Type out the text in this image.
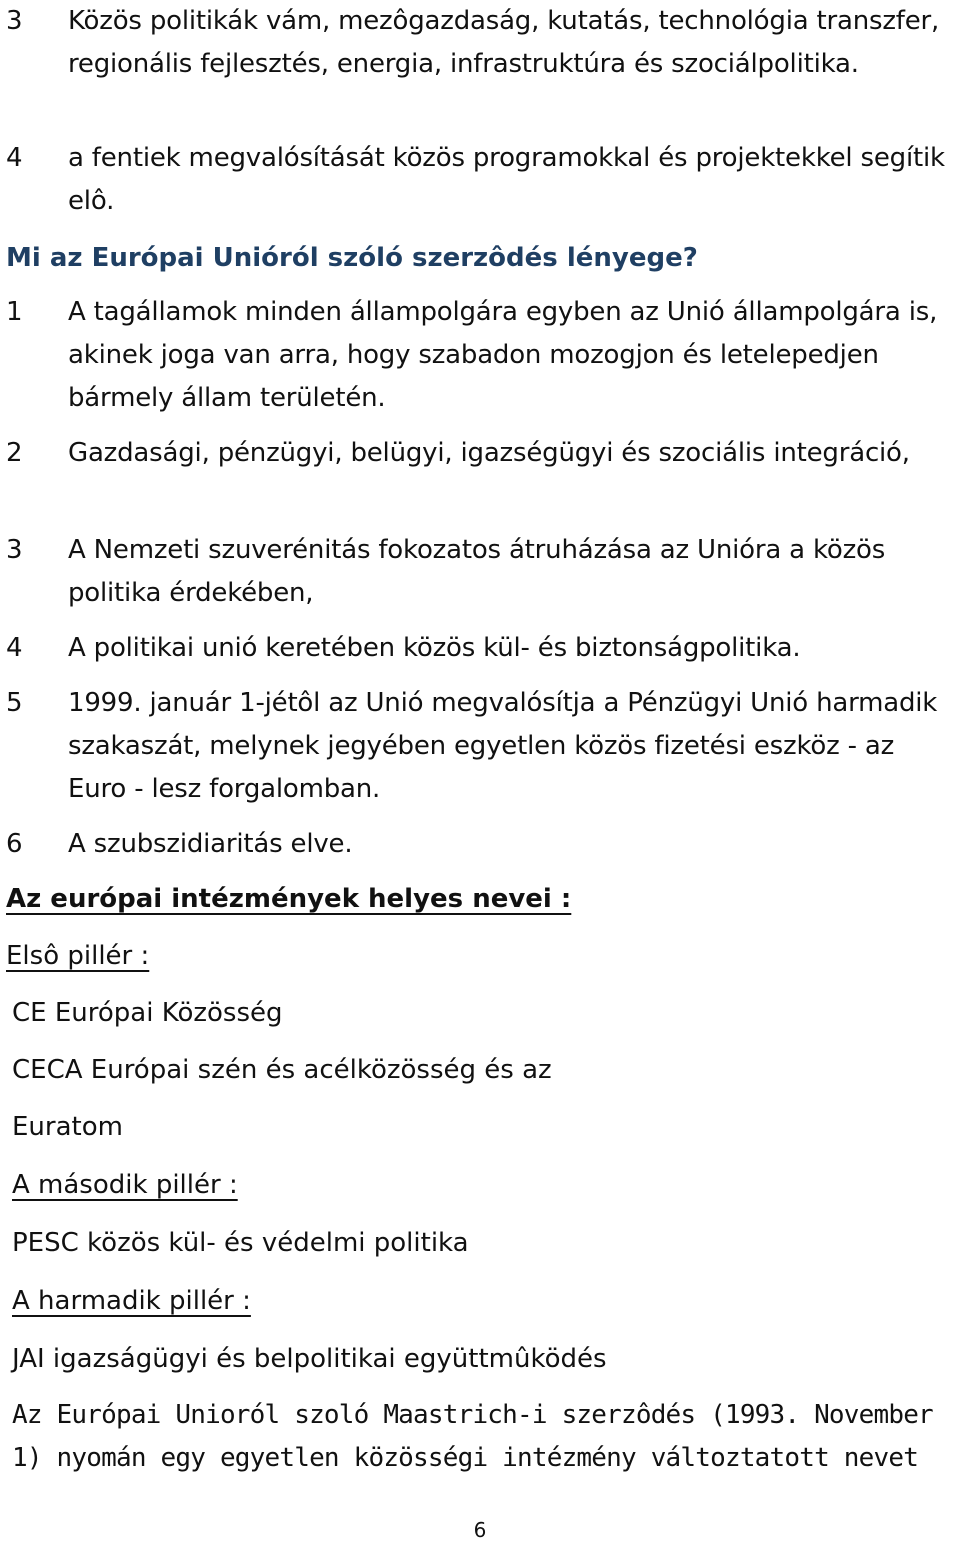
3 Közös politikák vám, mezôgazdaság, kutatás, technológia transzfer, regionális fejlesztés, energia, infrastruktúra és szociálpolitika.
4 a fentiek megvalósítását közös programokkal és projektekkel segítik elô.
Mi az Európai Unióról szóló szerzôdés lényege?
1 A tagállamok minden állampolgára egyben az Unió állampolgára is, akinek joga van arra, hogy szabadon mozogjon és letelepedjen bármely állam területén.
2 Gazdasági, pénzügyi, belügyi, igazségügyi és szociális integráció,
3 A Nemzeti szuverénitás fokozatos átruházása az Unióra a közös politika érdekében,
4 A politikai unió keretében közös kül- és biztonságpolitika.
5 1999. január 1-jétôl az Unió megvalósítja a Pénzügyi Unió harmadik szakaszát, melynek jegyében egyetlen közös fizetési eszköz - az Euro - lesz forgalomban.
6 A szubszidiaritás elve.
Az európai intézmények helyes nevei :
Elsô pillér :
CE Európai Közösség
CECA Európai szén és acélközösség és az
Euratom
A második pillér :
PESC közös kül- és védelmi politika
A harmadik pillér :
JAI igazságügyi és belpolitikai együttmûködés
Az Európai Unioról szoló Maastrich-i szerzôdés (1993. November 1) nyomán egy egyetlen közösségi intézmény változtatott nevet
6
